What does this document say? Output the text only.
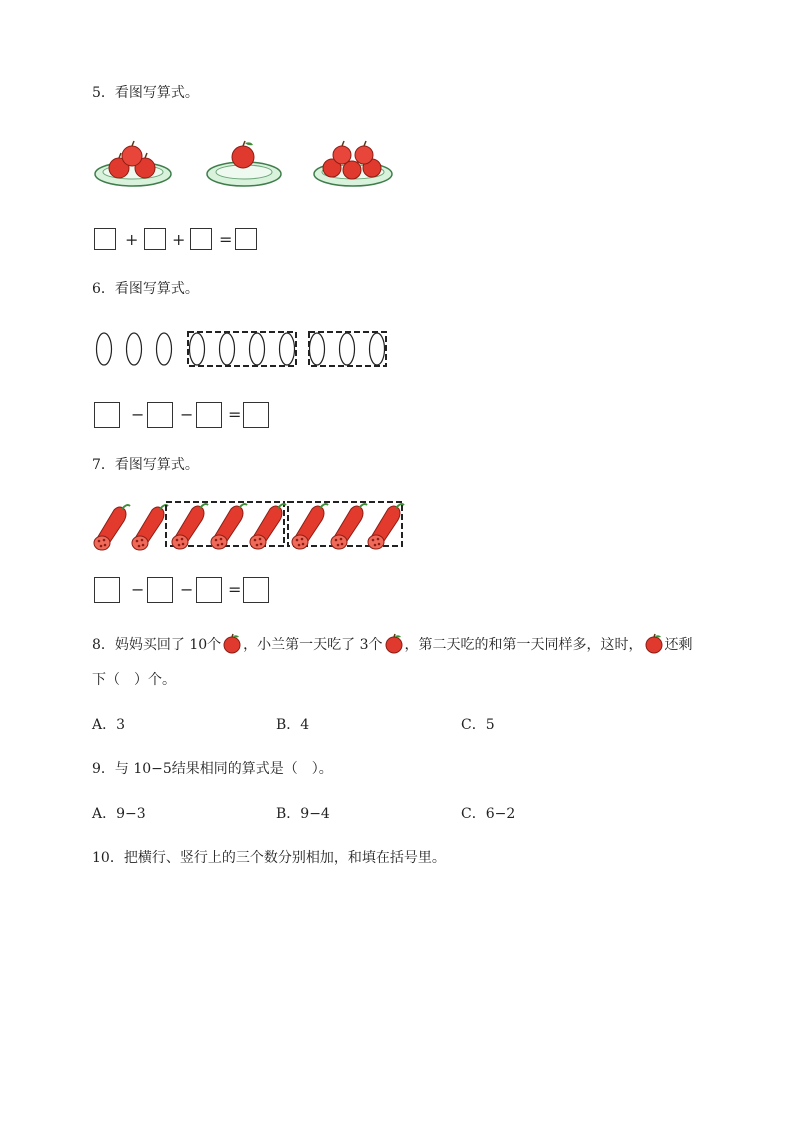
5．看图写算式。
+ + =
6．看图写算式。
− − =
7．看图写算式。
− − =
8．妈妈买回了 10个 ，小兰第一天吃了 3个 ，第二天吃的和第一天同样多，这时， 还剩
下（　）个。
A．3	B．4	C．5
9．与 10−5结果相同的算式是（　）。
A．9−3	B．9−4	C．6−2
10．把横行、竖行上的三个数分别相加，和填在括号里。
